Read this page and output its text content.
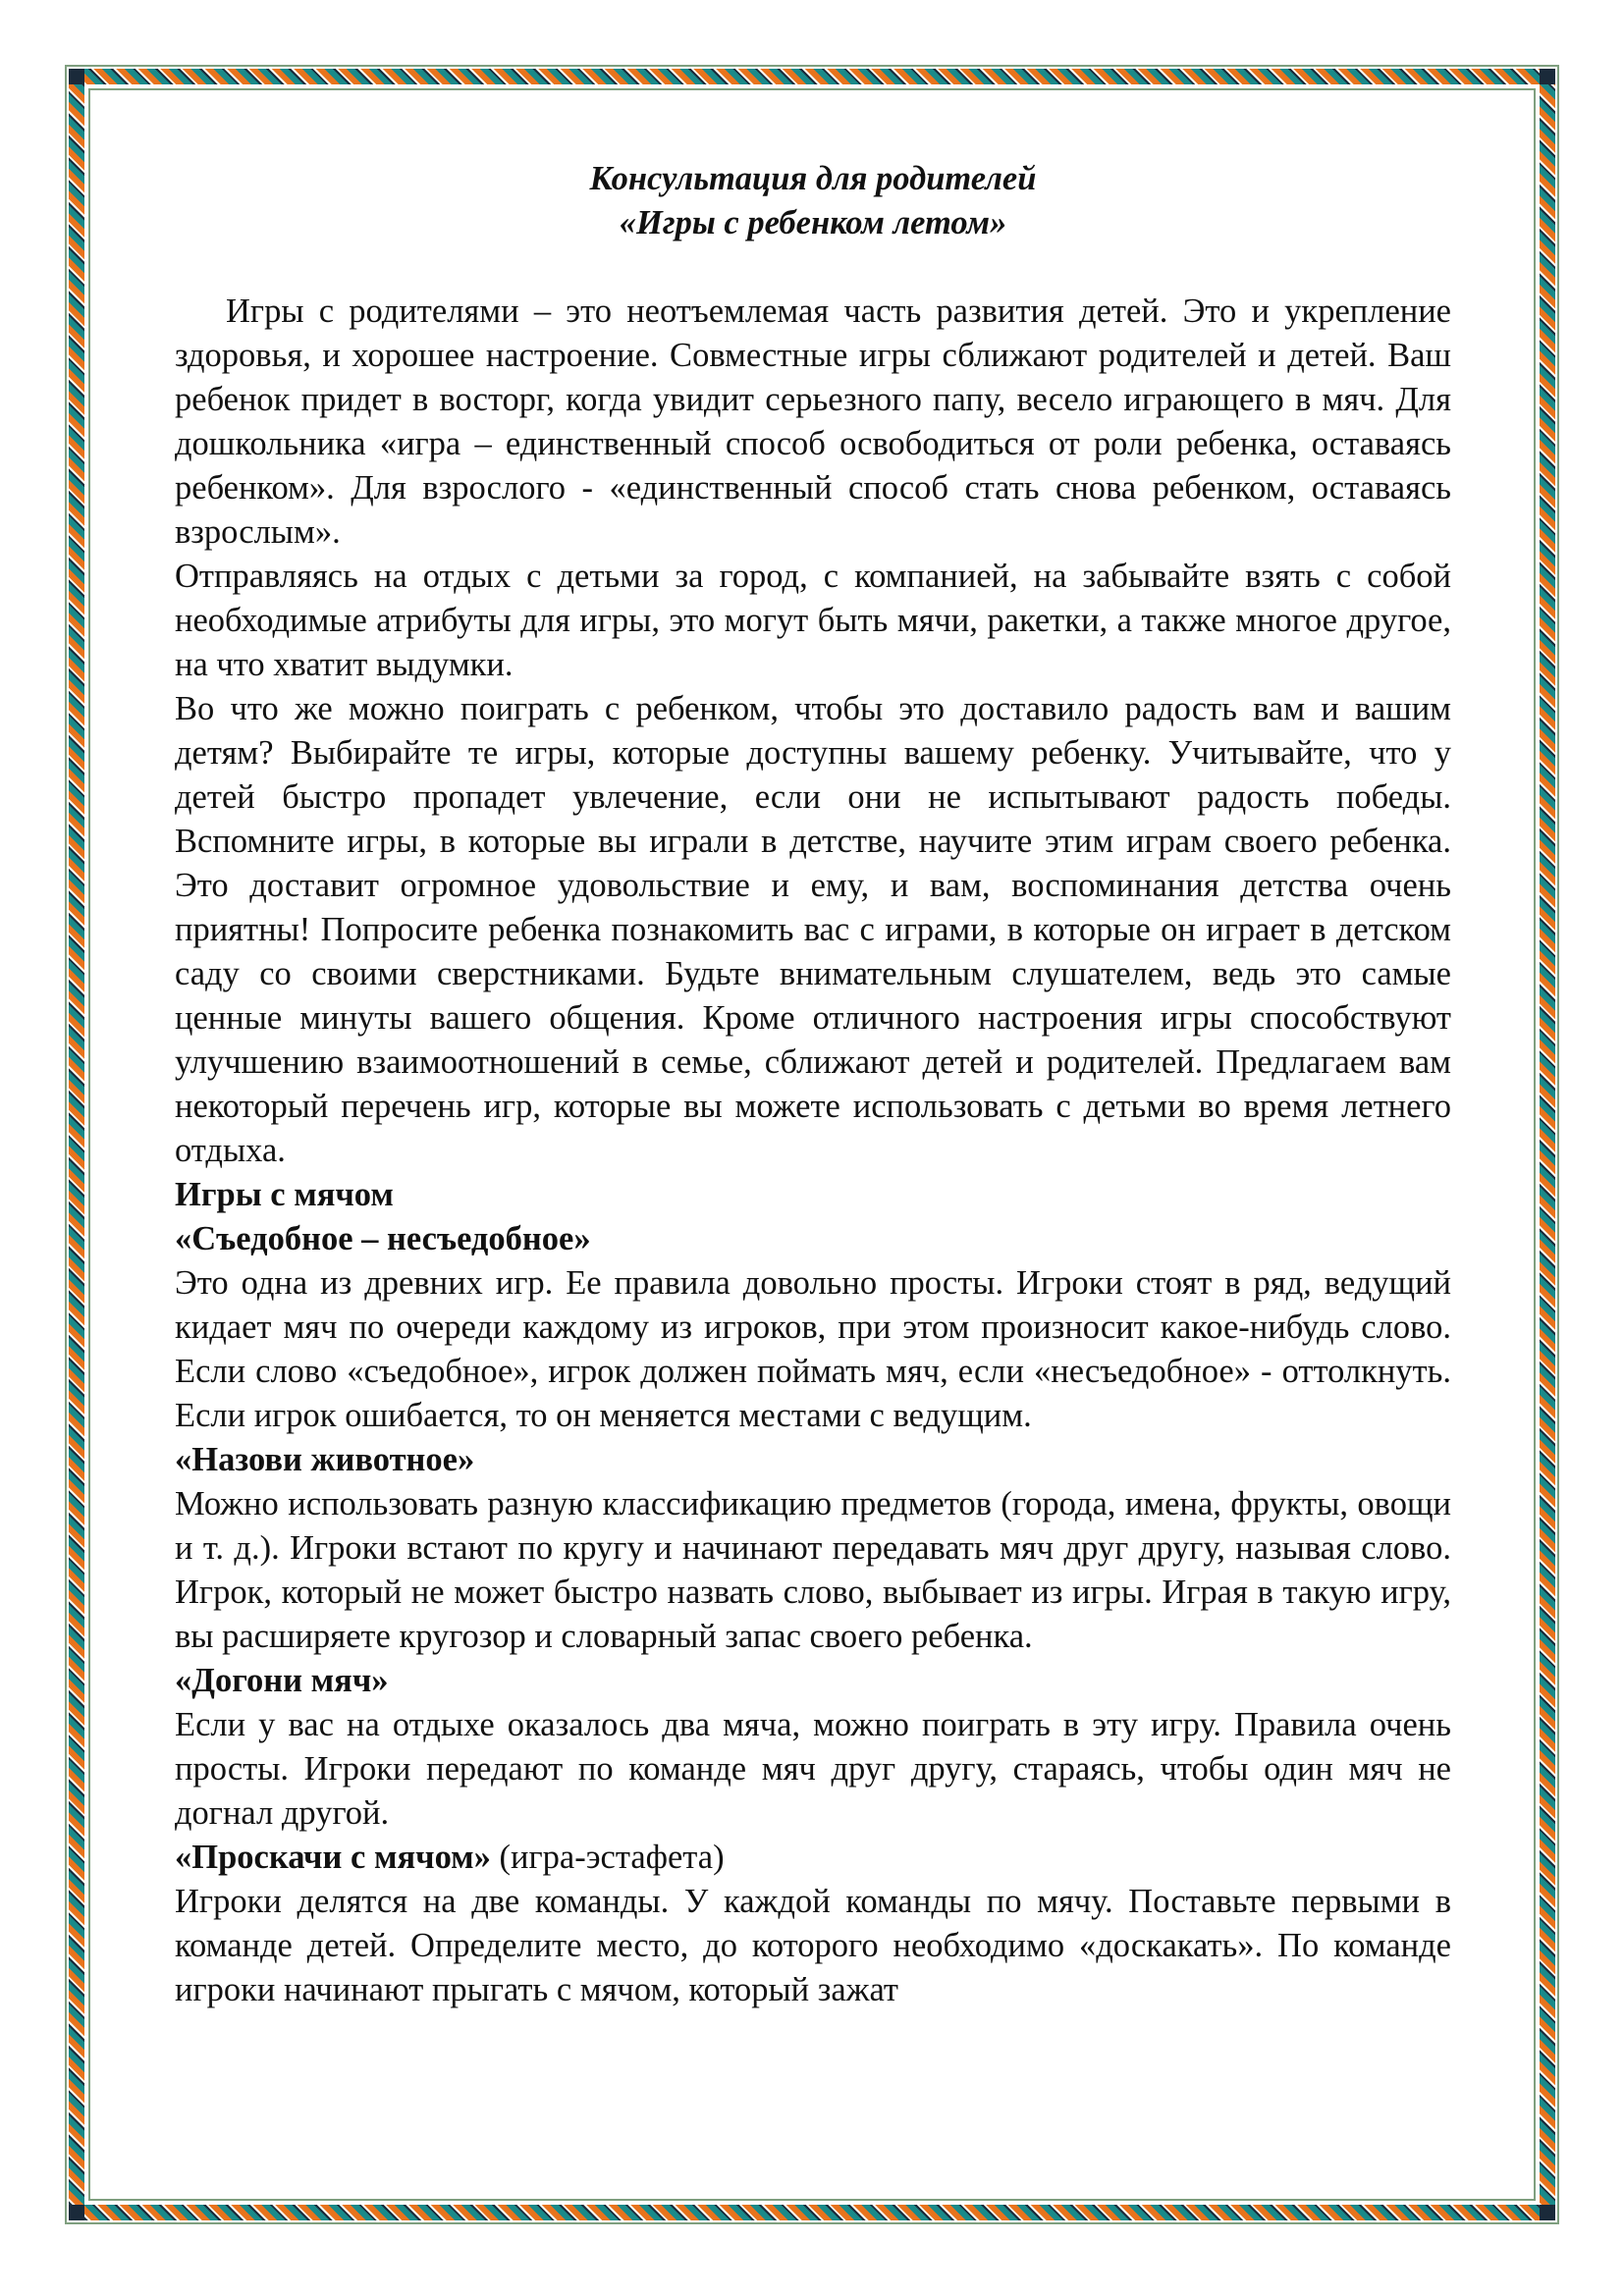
Консультация для родителей

«Игры с ребенком летом»

Игры с родителями – это неотъемлемая часть развития детей. Это и укрепление здоровья, и хорошее настроение. Совместные игры сближают родителей и детей. Ваш ребенок придет в восторг, когда увидит серьезного папу, весело играющего в мяч. Для дошкольника «игра – единственный способ освободиться от роли ребенка, оставаясь ребенком». Для взрослого - «единственный способ стать снова ребенком, оставаясь взрослым».

Отправляясь на отдых с детьми за город, с компанией, на забывайте взять с собой необходимые атрибуты для игры, это могут быть мячи, ракетки, а также многое другое, на что хватит выдумки.

Во что же можно поиграть с ребенком, чтобы это доставило радость вам и вашим детям? Выбирайте те игры, которые доступны вашему ребенку. Учитывайте, что у детей быстро пропадет увлечение, если они не испытывают радость победы. Вспомните игры, в которые вы играли в детстве, научите этим играм своего ребенка. Это доставит огромное удовольствие и ему, и вам, воспоминания детства очень приятны! Попросите ребенка познакомить вас с играми, в которые он играет в детском саду со своими сверстниками. Будьте внимательным слушателем, ведь это самые ценные минуты вашего общения. Кроме отличного настроения игры способствуют улучшению взаимоотношений в семье, сближают детей и родителей. Предлагаем вам некоторый перечень игр, которые вы можете использовать с детьми во время летнего отдыха.

Игры с мячом

«Съедобное – несъедобное»

Это одна из древних игр. Ее правила довольно просты. Игроки стоят в ряд, ведущий кидает мяч по очереди каждому из игроков, при этом произносит какое-нибудь слово. Если слово «съедобное», игрок должен поймать мяч, если «несъедобное» - оттолкнуть. Если игрок ошибается, то он меняется местами с ведущим.

«Назови животное»

Можно использовать разную классификацию предметов (города, имена, фрукты, овощи и т. д.). Игроки встают по кругу и начинают передавать мяч друг другу, называя слово. Игрок, который не может быстро назвать слово, выбывает из игры. Играя в такую игру, вы расширяете кругозор и словарный запас своего ребенка.

«Догони мяч»

Если у вас на отдыхе оказалось два мяча, можно поиграть в эту игру. Правила очень просты. Игроки передают по команде мяч друг другу, стараясь, чтобы один мяч не догнал другой.

«Проскачи с мячом» (игра-эстафета)

Игроки делятся на две команды. У каждой команды по мячу. Поставьте первыми в команде детей. Определите место, до которого необходимо «доскакать». По команде игроки начинают прыгать с мячом, который зажат
